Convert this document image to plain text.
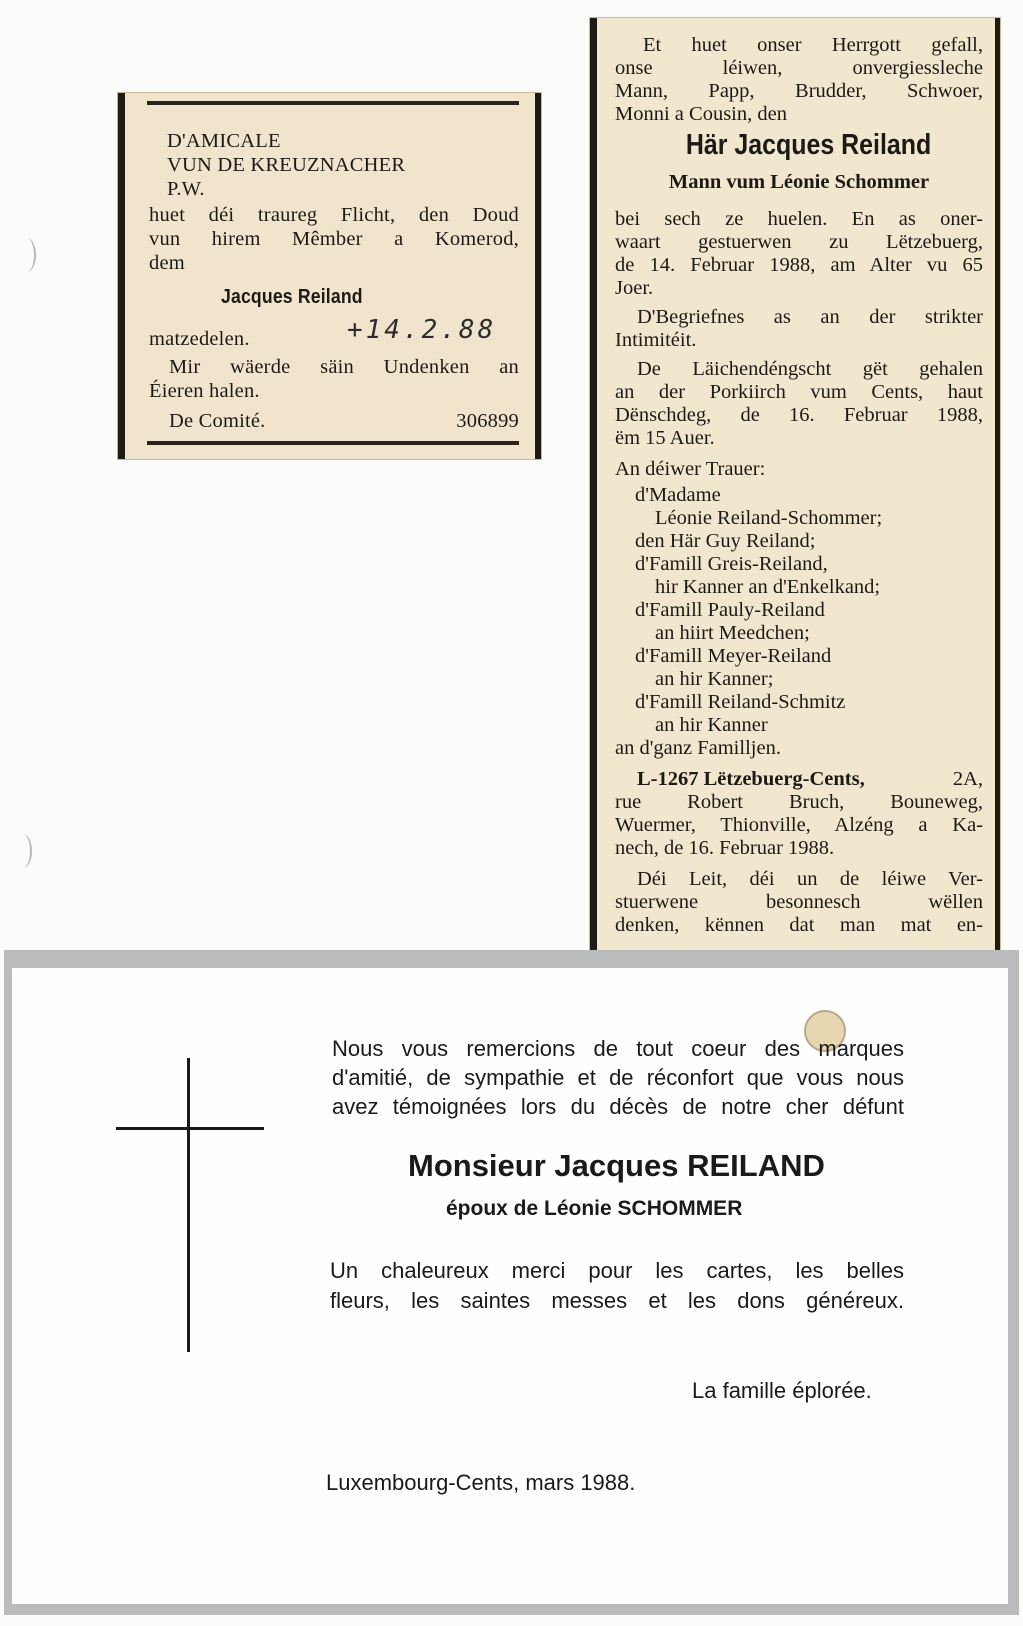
D'AMICALE
VUN DE KREUZNACHER
P.W.
huet déi traureg Flicht, den Doud
vun hirem Mêmber a Komerod,
dem
Jacques Reiland
+14.2.88
matzedelen.
Mir wäerde säin Undenken an
Éieren halen.
De Comité.	306899
Et huet onser Herrgott gefall,
onse léiwen, onvergiessleche
Mann, Papp, Brudder, Schwoer,
Monni a Cousin, den
Här Jacques Reiland
Mann vum Léonie Schommer
bei sech ze huelen. En as oner-
waart gestuerwen zu Lëtzebuerg,
de 14. Februar 1988, am Alter vu 65
Joer.
D'Begriefnes as an der strikter
Intimitéit.
De Läichendéngscht gët gehalen
an der Porkiirch vum Cents, haut
Dënschdeg, de 16. Februar 1988,
ëm 15 Auer.
An déiwer Trauer:
d'Madame
Léonie Reiland-Schommer;
den Här Guy Reiland;
d'Famill Greis-Reiland,
hir Kanner an d'Enkelkand;
d'Famill Pauly-Reiland
an hiirt Meedchen;
d'Famill Meyer-Reiland
an hir Kanner;
d'Famill Reiland-Schmitz
an hir Kanner
an d'ganz Familljen.
L-1267 Lëtzebuerg-Cents,	2A,
rue Robert Bruch, Bouneweg,
Wuermer, Thionville, Alzéng a Ka-
nech, de 16. Februar 1988.
Déi Leit, déi un de léiwe Ver-
stuerwene besonnesch wëllen
denken, kënnen dat man mat en-
Nous vous remercions de tout coeur des marques
d'amitié, de sympathie et de réconfort que vous nous
avez témoignées lors du décès de notre cher défunt
Monsieur Jacques REILAND
époux de Léonie SCHOMMER
Un chaleureux merci pour les cartes, les belles
fleurs, les saintes messes et les dons généreux.
La famille éplorée.
Luxembourg-Cents, mars 1988.
